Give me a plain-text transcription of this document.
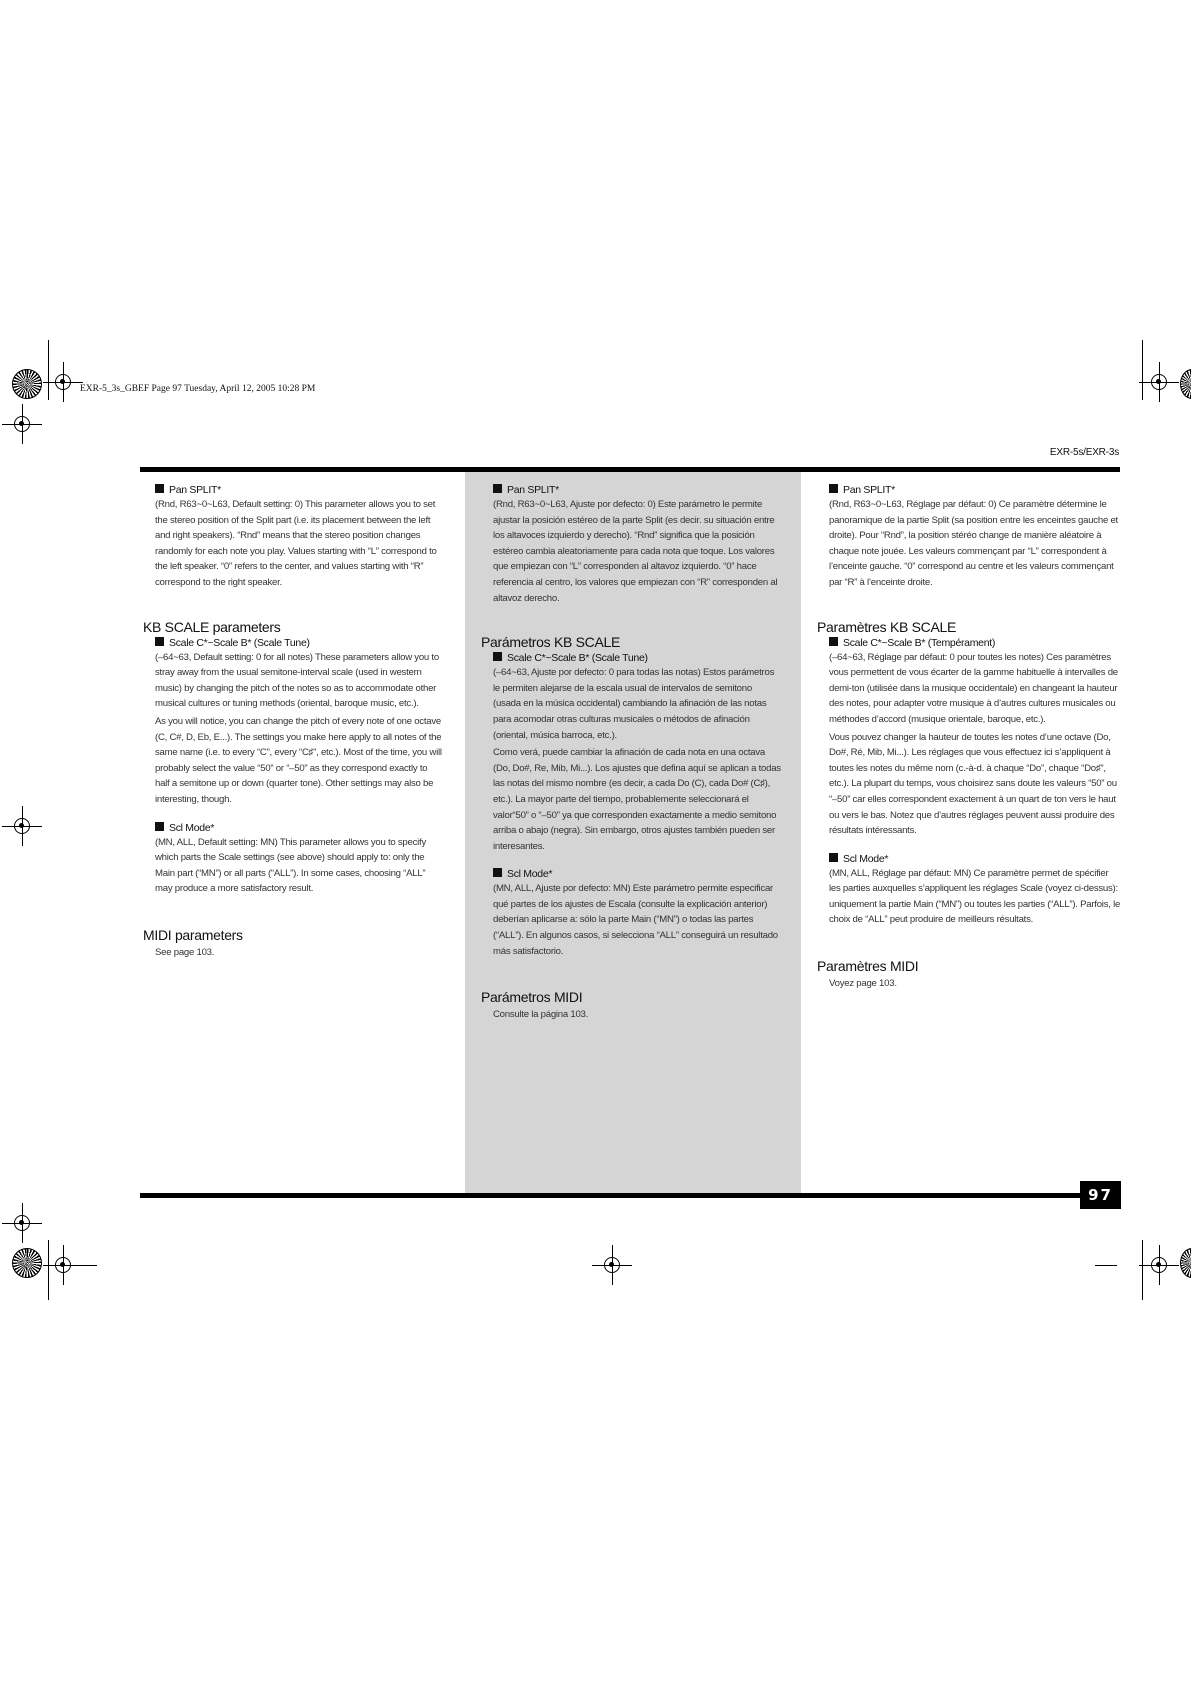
EXR-5_3s_GBEF Page 97 Tuesday, April 12, 2005 10:28 PM
EXR-5s/EXR-3s
97
Pan SPLIT*

(Rnd, R63~0~L63, Default setting: 0) This parameter allows you to set the stereo position of the Split part (i.e. its placement between the left and right speakers). “Rnd” means that the stereo position changes randomly for each note you play. Values starting with “L” correspond to the left speaker. “0” refers to the center, and values starting with “R” correspond to the right speaker.

KB SCALE parameters
Scale C*~Scale B* (Scale Tune)

(–64~63, Default setting: 0 for all notes) These parameters allow you to stray away from the usual semitone-interval scale (used in western music) by changing the pitch of the notes so as to accommodate other musical cultures or tuning methods (oriental, baroque music, etc.).

As you will notice, you can change the pitch of every note of one octave (C, C#, D, Eb, E...). The settings you make here apply to all notes of the same name (i.e. to every “C”, every “C♯”, etc.). Most of the time, you will probably select the value “50” or “–50” as they correspond exactly to half a semitone up or down (quarter tone). Other settings may also be interesting, though.

Scl Mode*

(MN, ALL, Default setting: MN) This parameter allows you to specify which parts the Scale settings (see above) should apply to: only the Main part (“MN”) or all parts (“ALL”). In some cases, choosing “ALL” may produce a more satisfactory result.

MIDI parameters

See page 103.

Pan SPLIT*

(Rnd, R63~0~L63, Ajuste por defecto: 0) Este parámetro le permite ajustar la posición estéreo de la parte Split (es decir. su situación entre los altavoces izquierdo y derecho). “Rnd” significa que la posición estéreo cambia aleatoriamente para cada nota que toque. Los valores que empiezan con “L” corresponden al altavoz izquierdo. “0” hace referencia al centro, los valores que empiezan con “R” corresponden al altavoz derecho.

Parámetros KB SCALE
Scale C*~Scale B* (Scale Tune)

(–64~63, Ajuste por defecto: 0 para todas las notas) Estos parámetros le permiten alejarse de la escala usual de intervalos de semitono (usada en la música occidental) cambiando la afinación de las notas para acomodar otras culturas musicales o métodos de afinación (oriental, música barroca, etc.).

Como verá, puede cambiar la afinación de cada nota en una octava (Do, Do#, Re, Mib, Mi...). Los ajustes que defina aquí se aplican a todas las notas del mismo nombre (es decir, a cada Do (C), cada Do# (C♯), etc.). La mayor parte del tiempo, probablemente seleccionará el valor“50” o “–50” ya que corresponden exactamente a medio semitono arriba o abajo (negra). Sin embargo, otros ajustes también pueden ser interesantes.

Scl Mode*

(MN, ALL, Ajuste por defecto: MN) Este parámetro permite especificar qué partes de los ajustes de Escala (consulte la explicación anterior) deberían aplicarse a: sólo la parte Main (“MN”) o todas las partes (“ALL”). En algunos casos, si selecciona “ALL” conseguirá un resultado más satisfactorio.

Parámetros MIDI

Consulte la página 103.

Pan SPLIT*

(Rnd, R63~0~L63, Réglage par défaut: 0) Ce paramètre détermine le panoramique de la partie Split (sa position entre les enceintes gauche et droite). Pour “Rnd”, la position stéréo change de manière aléatoire à chaque note jouée. Les valeurs commençant par “L” correspondent à l’enceinte gauche. “0” correspond au centre et les valeurs commençant par “R” à l’enceinte droite.

Paramètres KB SCALE
Scale C*~Scale B* (Tempérament)

(–64~63, Réglage par défaut: 0 pour toutes les notes) Ces paramètres vous permettent de vous écarter de la gamme habituelle à intervalles de demi-ton (utilisée dans la musique occidentale) en changeant la hauteur des notes, pour adapter votre musique à d’autres cultures musicales ou méthodes d’accord (musique orientale, baroque, etc.).

Vous pouvez changer la hauteur de toutes les notes d’une octave (Do, Do#, Ré, Mib, Mi...). Les réglages que vous effectuez ici s’appliquent à toutes les notes du même nom (c.-à-d. à chaque “Do”, chaque “Do♯”, etc.). La plupart du temps, vous choisirez sans doute les valeurs “50” ou “–50” car elles correspondent exactement à un quart de ton vers le haut ou vers le bas. Notez que d’autres réglages peuvent aussi produire des résultats intéressants.

Scl Mode*

(MN, ALL, Réglage par défaut: MN) Ce paramètre permet de spécifier les parties auxquelles s’appliquent les réglages Scale (voyez ci-dessus): uniquement la partie Main (“MN”) ou toutes les parties (“ALL”). Parfois, le choix de “ALL” peut produire de meilleurs résultats.

Paramètres MIDI

Voyez page 103.
